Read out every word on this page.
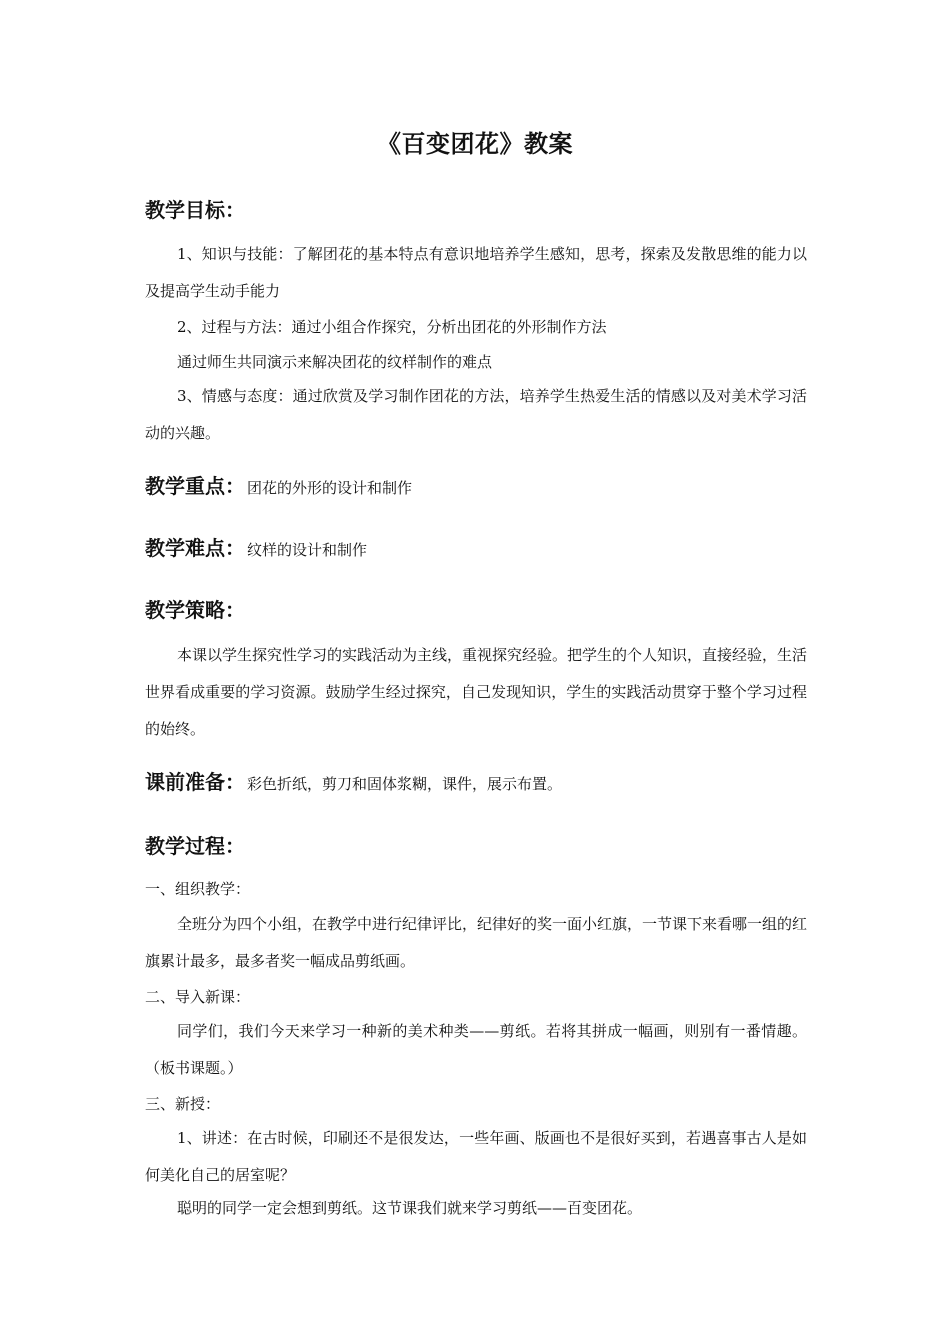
《百变团花》教案
教学目标：
1、知识与技能：了解团花的基本特点有意识地培养学生感知，思考，探索及发散思维的能力以及提高学生动手能力
2、过程与方法：通过小组合作探究，分析出团花的外形制作方法
通过师生共同演示来解决团花的纹样制作的难点
3、情感与态度：通过欣赏及学习制作团花的方法，培养学生热爱生活的情感以及对美术学习活动的兴趣。
教学重点： 团花的外形的设计和制作
教学难点： 纹样的设计和制作
教学策略：
本课以学生探究性学习的实践活动为主线，重视探究经验。把学生的个人知识，直接经验，生活世界看成重要的学习资源。鼓励学生经过探究，自己发现知识，学生的实践活动贯穿于整个学习过程的始终。
课前准备： 彩色折纸，剪刀和固体浆糊，课件，展示布置。
教学过程：
一、组织教学：
全班分为四个小组，在教学中进行纪律评比，纪律好的奖一面小红旗，一节课下来看哪一组的红旗累计最多，最多者奖一幅成品剪纸画。
二、导入新课：
同学们，我们今天来学习一种新的美术种类——剪纸。若将其拼成一幅画，则别有一番情趣。（板书课题。）
三、新授：
1、讲述：在古时候，印刷还不是很发达，一些年画、版画也不是很好买到，若遇喜事古人是如何美化自己的居室呢？
聪明的同学一定会想到剪纸。这节课我们就来学习剪纸——百变团花。
